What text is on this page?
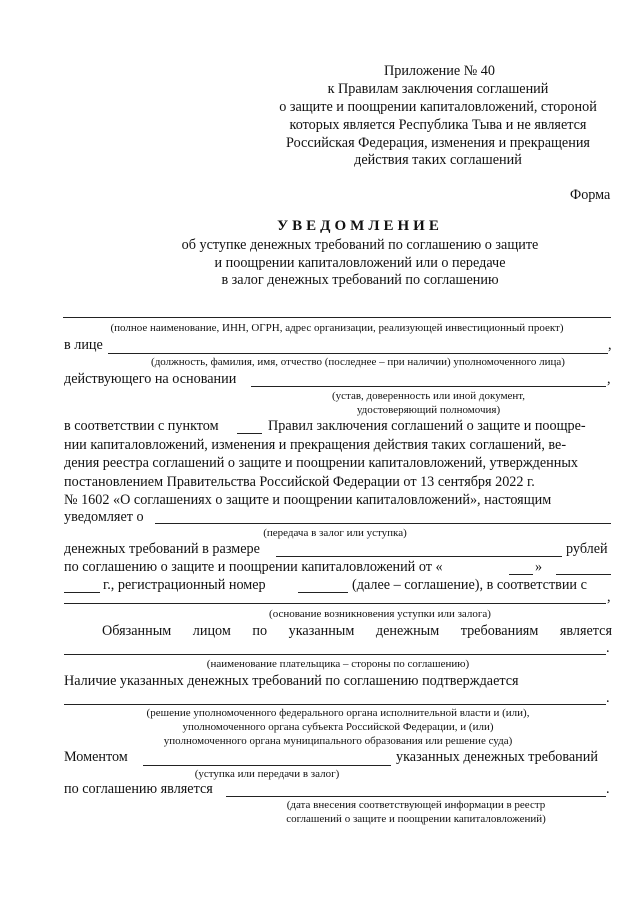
Приложение № 40
к Правилам заключения соглашений
о защите и поощрении капиталовложений, стороной
которых является Республика Тыва и не является
Российская Федерация, изменения и прекращения
действия таких соглашений
Форма
УВЕДОМЛЕНИЕ
об уступке денежных требований по соглашению о защите
и поощрении капиталовложений или о передаче
в залог денежных требований по соглашению
(полное наименование, ИНН, ОГРН, адрес организации, реализующей инвестиционный проект)
в лице	,
(должность, фамилия, имя, отчество (последнее – при наличии) уполномоченного лица)
действующего на основании	,
(устав, доверенность или иной документ,
удостоверяющий полномочия)
в соответствии с пунктом	Правил заключения соглашений о защите и поощре-
нии капиталовложений, изменения и прекращения действия таких соглашений, ве-
дения реестра соглашений о защите и поощрении капиталовложений, утвержденных
постановлением Правительства Российской Федерации от 13 сентября 2022 г.
№ 1602 «О соглашениях о защите и поощрении капиталовложений», настоящим
уведомляет о
(передача в залог или уступка)
денежных требований в размере	рублей
по соглашению о защите и поощрении капиталовложений от «	»
г., регистрационный номер	(далее – соглашение), в соответствии с
,
(основание возникновения уступки или залога)
Обязанным лицом по указанным денежным требованиям является
.
(наименование плательщика – стороны по соглашению)
Наличие указанных денежных требований по соглашению подтверждается
.
(решение уполномоченного федерального органа исполнительной власти и (или),
уполномоченного органа субъекта Российской Федерации, и (или)
уполномоченного органа муниципального образования или решение суда)
Моментом	указанных денежных требований
(уступка или передачи в залог)
по соглашению является	.
(дата внесения соответствующей информации в реестр
соглашений о защите и поощрении капиталовложений)
